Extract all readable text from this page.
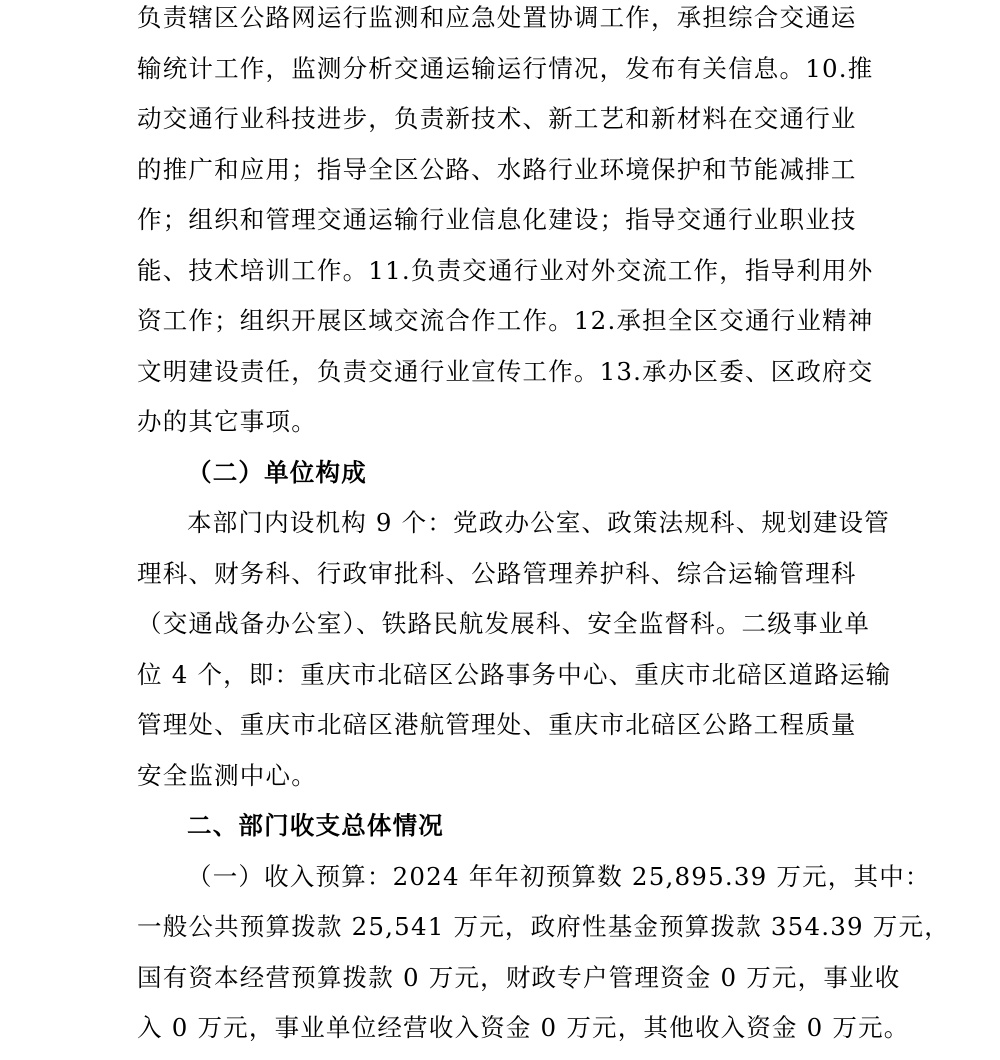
负责辖区公路网运行监测和应急处置协调工作，承担综合交通运
输统计工作，监测分析交通运输运行情况，发布有关信息。10.推
动交通行业科技进步，负责新技术、新工艺和新材料在交通行业
的推广和应用；指导全区公路、水路行业环境保护和节能减排工
作；组织和管理交通运输行业信息化建设；指导交通行业职业技
能、技术培训工作。11.负责交通行业对外交流工作，指导利用外
资工作；组织开展区域交流合作工作。12.承担全区交通行业精神
文明建设责任，负责交通行业宣传工作。13.承办区委、区政府交
办的其它事项。
（二）单位构成
本部门内设机构 9 个：党政办公室、政策法规科、规划建设管
理科、财务科、行政审批科、公路管理养护科、综合运输管理科
（交通战备办公室）、铁路民航发展科、安全监督科。二级事业单
位 4 个，即：重庆市北碚区公路事务中心、重庆市北碚区道路运输
管理处、重庆市北碚区港航管理处、重庆市北碚区公路工程质量
安全监测中心。
二、部门收支总体情况
（一）收入预算：2024 年年初预算数 25,895.39 万元，其中：
一般公共预算拨款 25,541 万元，政府性基金预算拨款 354.39 万元，
国有资本经营预算拨款 0 万元，财政专户管理资金 0 万元，事业收
入 0 万元，事业单位经营收入资金 0 万元，其他收入资金 0 万元。
